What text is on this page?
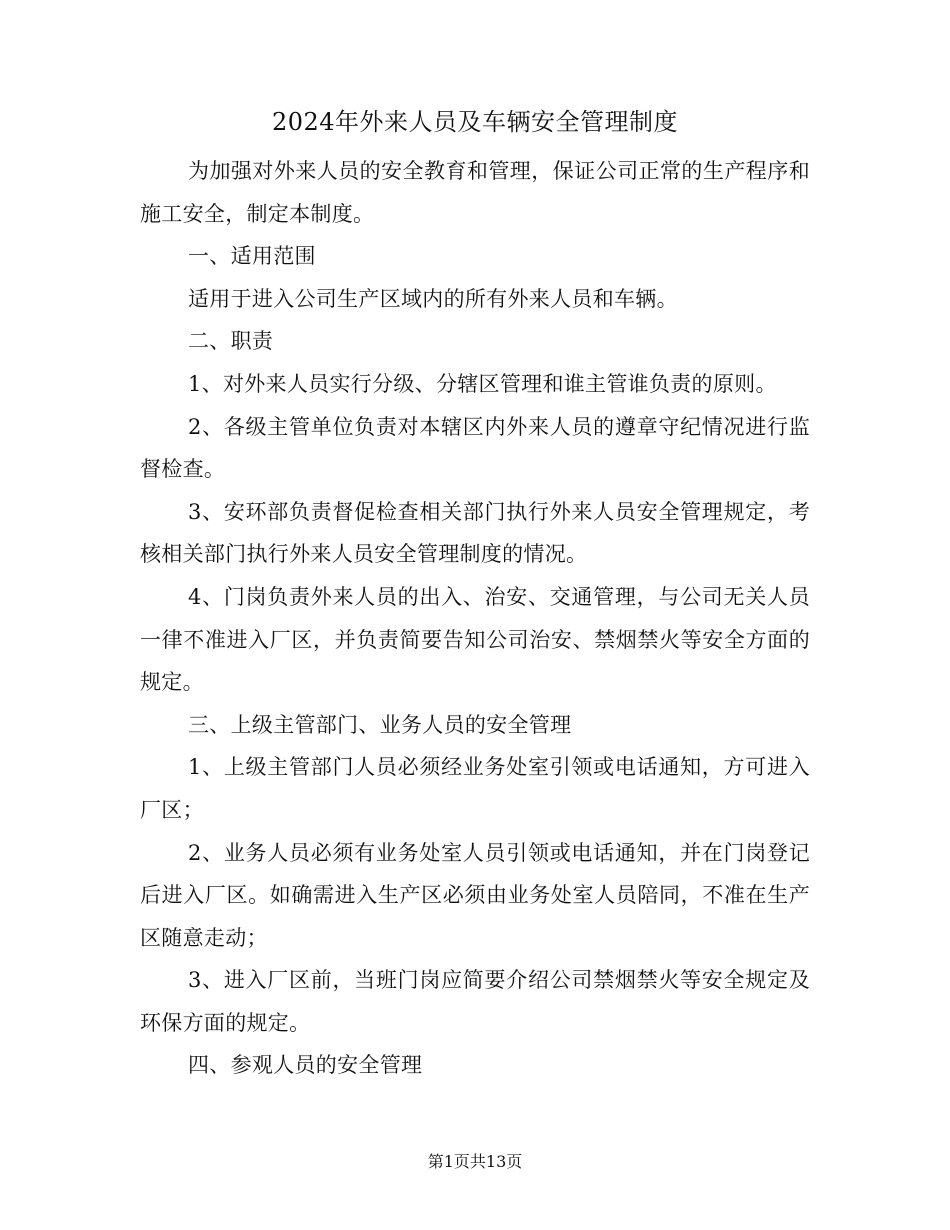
2024年外来人员及车辆安全管理制度

为加强对外来人员的安全教育和管理，保证公司正常的生产程序和施工安全，制定本制度。

一、适用范围

适用于进入公司生产区域内的所有外来人员和车辆。

二、职责

1、对外来人员实行分级、分辖区管理和谁主管谁负责的原则。

2、各级主管单位负责对本辖区内外来人员的遵章守纪情况进行监督检查。

3、安环部负责督促检查相关部门执行外来人员安全管理规定，考核相关部门执行外来人员安全管理制度的情况。

4、门岗负责外来人员的出入、治安、交通管理，与公司无关人员一律不准进入厂区，并负责简要告知公司治安、禁烟禁火等安全方面的规定。

三、上级主管部门、业务人员的安全管理

1、上级主管部门人员必须经业务处室引领或电话通知，方可进入厂区；

2、业务人员必须有业务处室人员引领或电话通知，并在门岗登记后进入厂区。如确需进入生产区必须由业务处室人员陪同，不准在生产区随意走动；

3、进入厂区前，当班门岗应简要介绍公司禁烟禁火等安全规定及环保方面的规定。

四、参观人员的安全管理

第1页共13页
